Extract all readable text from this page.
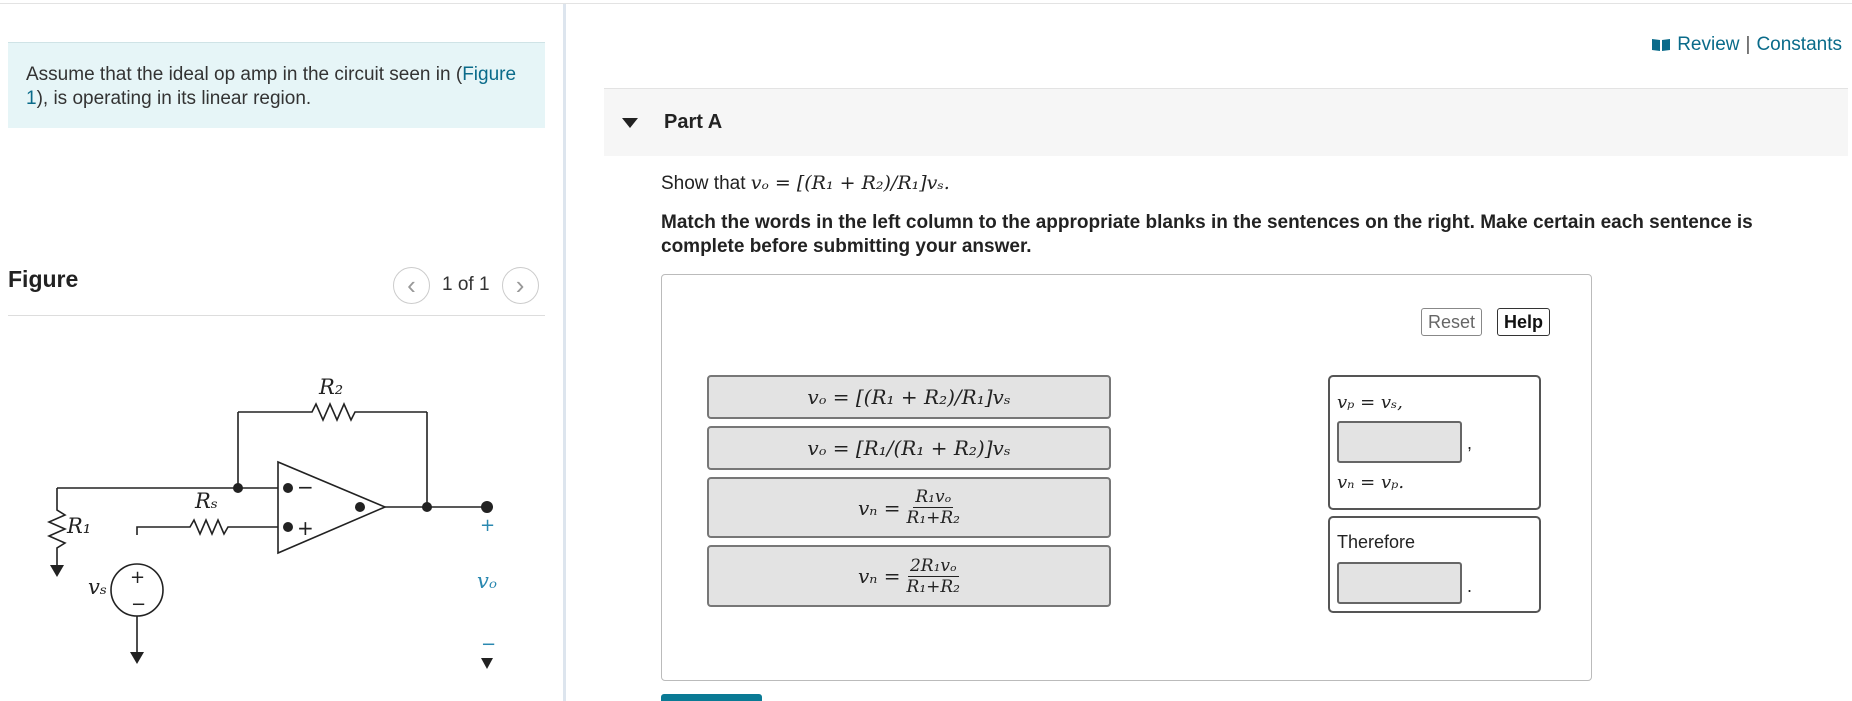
Assume that the ideal op amp in the circuit seen in (Figure 1), is operating in its linear region.
Figure	‹ 1 of 1 ›
−
+
+
−
R₂
R₁
Rₛ
vₛ
+
vₒ
−
Review | Constants
Part A
Show that vₒ = [(R₁ + R₂)/R₁]vₛ.
Match the words in the left column to the appropriate blanks in the sentences on the right. Make certain each sentence is complete before submitting your answer.
Reset	Help
vₒ = [(R₁ + R₂)/R₁]vₛ
vₒ = [R₁/(R₁ + R₂)]vₛ
$v_n = \frac{\text{R₁vₒ}}{\text{R₁+R₂}}$
$v_n = \frac{\text{2R₁vₒ}}{\text{R₁+R₂}}$
vₚ = vₛ,
,
vₙ = vₚ.
Therefore
.
